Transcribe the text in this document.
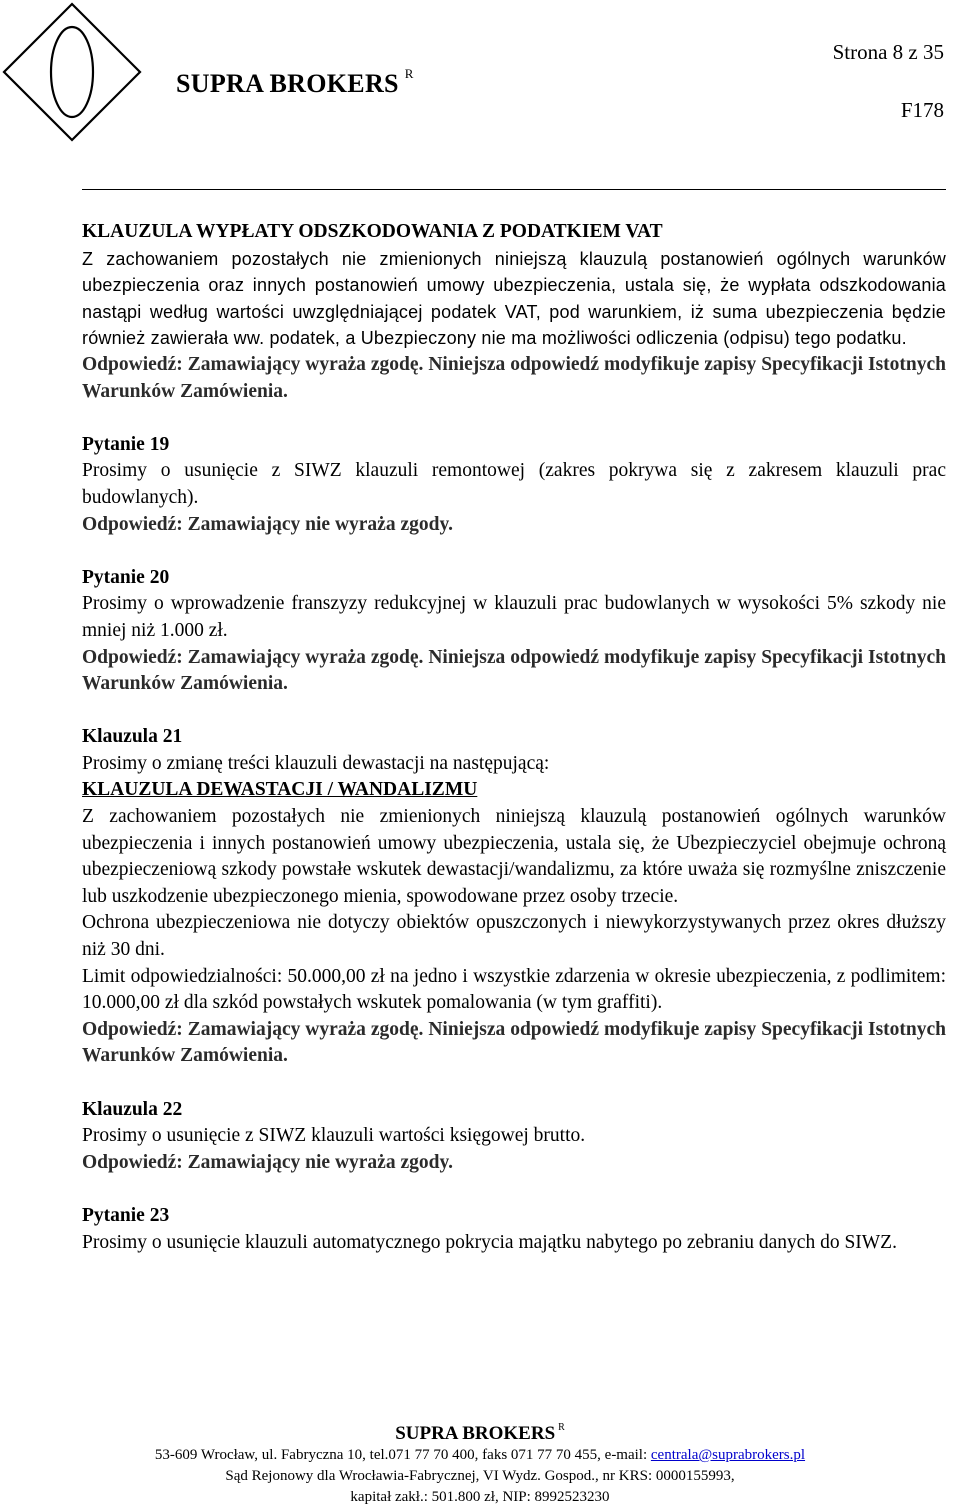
SUPRA BROKERS $^R$
Strona 8 z 35
F178

KLAUZULA WYPŁATY ODSZKODOWANIA Z PODATKIEM VAT

Z zachowaniem pozostałych nie zmienionych niniejszą klauzulą postanowień ogólnych warunków ubezpieczenia oraz innych postanowień umowy ubezpieczenia, ustala się, że wypłata odszkodowania nastąpi według wartości uwzględniającej podatek VAT, pod warunkiem, iż suma ubezpieczenia będzie również zawierała ww. podatek, a Ubezpieczony nie ma możliwości odliczenia (odpisu) tego podatku.

Odpowiedź: Zamawiający wyraża zgodę. Niniejsza odpowiedź modyfikuje zapisy Specyfikacji Istotnych Warunków Zamówienia.

Pytanie 19

Prosimy o usunięcie z SIWZ klauzuli remontowej (zakres pokrywa się z zakresem klauzuli prac budowlanych).

Odpowiedź: Zamawiający nie wyraża zgody.

Pytanie 20

Prosimy o wprowadzenie franszyzy redukcyjnej w klauzuli prac budowlanych w wysokości 5% szkody nie mniej niż 1.000 zł.

Odpowiedź: Zamawiający wyraża zgodę. Niniejsza odpowiedź modyfikuje zapisy Specyfikacji Istotnych Warunków Zamówienia.

Klauzula 21

Prosimy o zmianę treści klauzuli dewastacji na następującą:

KLAUZULA DEWASTACJI / WANDALIZMU

Z zachowaniem pozostałych nie zmienionych niniejszą klauzulą postanowień ogólnych warunków ubezpieczenia i innych postanowień umowy ubezpieczenia, ustala się, że Ubezpieczyciel obejmuje ochroną ubezpieczeniową szkody powstałe wskutek dewastacji/wandalizmu, za które uważa się rozmyślne zniszczenie lub uszkodzenie ubezpieczonego mienia, spowodowane przez osoby trzecie.

Ochrona ubezpieczeniowa nie dotyczy obiektów opuszczonych i niewykorzystywanych przez okres dłuższy niż 30 dni.

Limit odpowiedzialności: 50.000,00 zł na jedno i wszystkie zdarzenia w okresie ubezpieczenia, z podlimitem: 10.000,00 zł dla szkód powstałych wskutek pomalowania (w tym graffiti).

Odpowiedź: Zamawiający wyraża zgodę. Niniejsza odpowiedź modyfikuje zapisy Specyfikacji Istotnych Warunków Zamówienia.

Klauzula 22

Prosimy o usunięcie z SIWZ klauzuli wartości księgowej brutto.

Odpowiedź: Zamawiający nie wyraża zgody.

Pytanie 23

Prosimy o usunięcie klauzuli automatycznego pokrycia majątku nabytego po zebraniu danych do SIWZ.

SUPRA BROKERS $^R$
53-609 Wrocław, ul. Fabryczna 10, tel.071 77 70 400, faks 071 77 70 455, e-mail: centrala@suprabrokers.pl
Sąd Rejonowy dla Wrocławia-Fabrycznej, VI Wydz. Gospod., nr KRS: 0000155993,
kapitał zakł.: 501.800 zł, NIP: 8992523230
